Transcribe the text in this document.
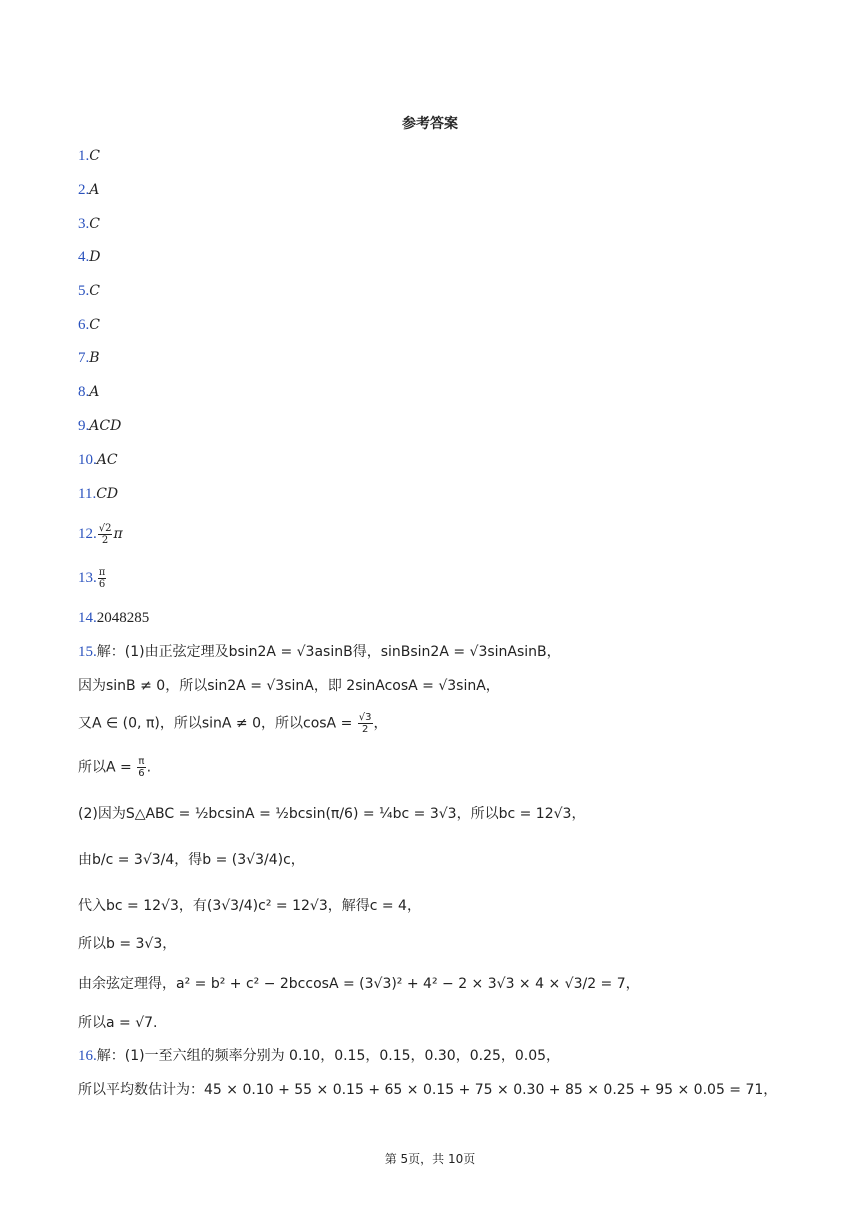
参考答案
1.C
2.A
3.C
4.D
5.C
6.C
7.B
8.A
9.ACD
10.AC
11.CD
12. $\frac{√2}{2}$ π
13. $\frac{\pi}{6}$
14.2048285
15.解：(1)由正弦定理及bsin2A = √3asinB得，sinBsin2A = √3sinAsinB，
因为sinB ≠ 0，所以sin2A = √3sinA，即 2sinAcosA = √3sinA，
又A ∈ (0, π)，所以sinA ≠ 0，所以$\cos A = \frac{√3}{2}$ ，
所以$A = \frac{\pi}{6}$ .
(2)因为S△ABC = ½bcsinA = ½bcsin(π/6) = ¼bc = 3√3，所以bc = 12√3，
由b/c = 3√3/4，得b = (3√3/4)c，
代入bc = 12√3，有(3√3/4)c² = 12√3，解得c = 4，
所以b = 3√3，
由余弦定理得，a² = b² + c² − 2bccosA = (3√3)² + 4² − 2 × 3√3 × 4 × √3/2 = 7，
所以a = √7.
16.解：(1)一至六组的频率分别为 0.10，0.15，0.15，0.30，0.25，0.05，
所以平均数估计为：45 × 0.10 + 55 × 0.15 + 65 × 0.15 + 75 × 0.30 + 85 × 0.25 + 95 × 0.05 = 71，
第 5页，共 10页
